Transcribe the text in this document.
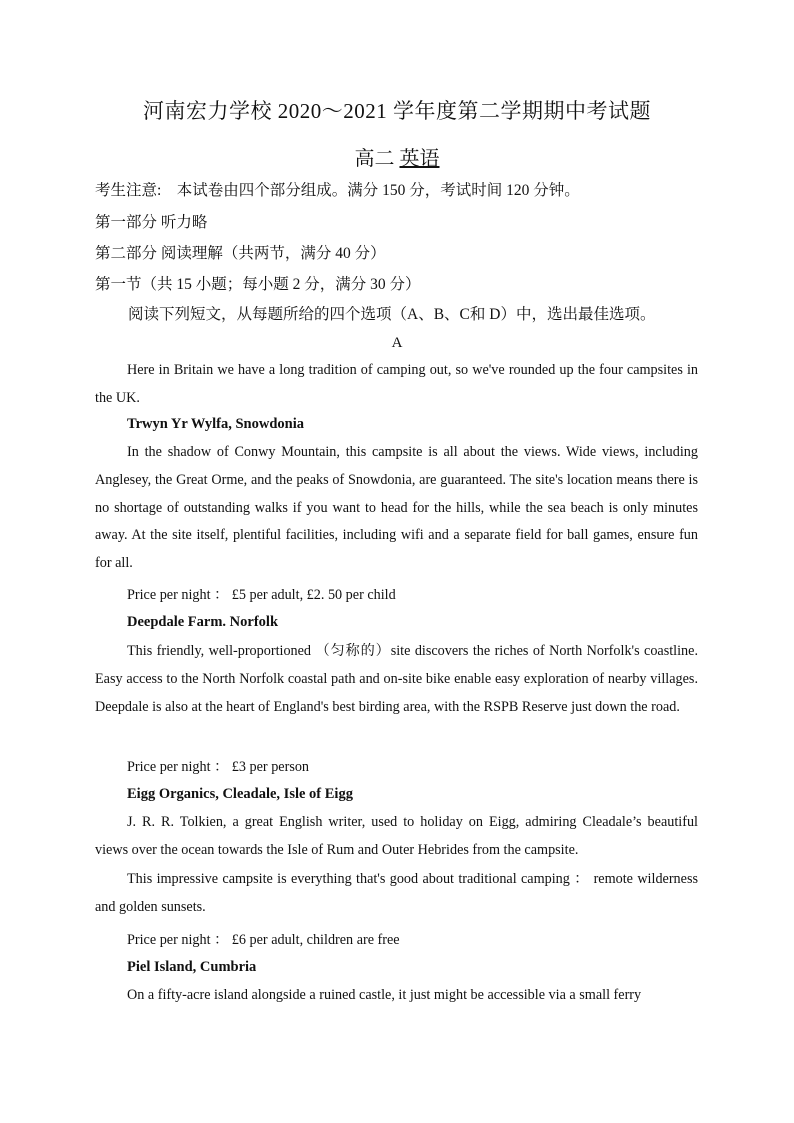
河南宏力学校 2020～2021 学年度第二学期期中考试题
高二 英语
考生注意:　本试卷由四个部分组成。满分 150 分，考试时间 120 分钟。
第一部分 听力略
第二部分 阅读理解（共两节，满分 40 分）
第一节（共 15 小题；每小题 2 分，满分 30 分）
阅读下列短文，从每题所给的四个选项（A、B、C和 D）中，选出最佳选项。
A
Here in Britain we have a long tradition of camping out, so we've rounded up the four campsites in the UK.
Trwyn Yr Wylfa, Snowdonia
In the shadow of Conwy Mountain, this campsite is all about the views. Wide views, including Anglesey, the Great Orme, and the peaks of Snowdonia, are guaranteed. The site's location means there is no shortage of outstanding walks if you want to head for the hills, while the sea beach is only minutes away. At the site itself, plentiful facilities, including wifi and a separate field for ball games, ensure fun for all.
Price per night ： £5 per adult, £2. 50 per child
Deepdale Farm. Norfolk
This friendly, well-proportioned （匀称的）site discovers the riches of North Norfolk's coastline. Easy access to the North Norfolk coastal path and on-site bike enable easy exploration of nearby villages. Deepdale is also at the heart of England's best birding area, with the RSPB Reserve just down the road.
Price per night ： £3 per person
Eigg Organics, Cleadale, Isle of Eigg
J. R. R. Tolkien, a great English writer, used to holiday on Eigg, admiring Cleadale’s beautiful views over the ocean towards the Isle of Rum and Outer Hebrides from the campsite.
This impressive campsite is everything that's good about traditional camping ： remote wilderness and golden sunsets.
Price per night ： £6 per adult, children are free
Piel Island, Cumbria
On a fifty-acre island alongside a ruined castle, it just might be accessible via a small ferry
